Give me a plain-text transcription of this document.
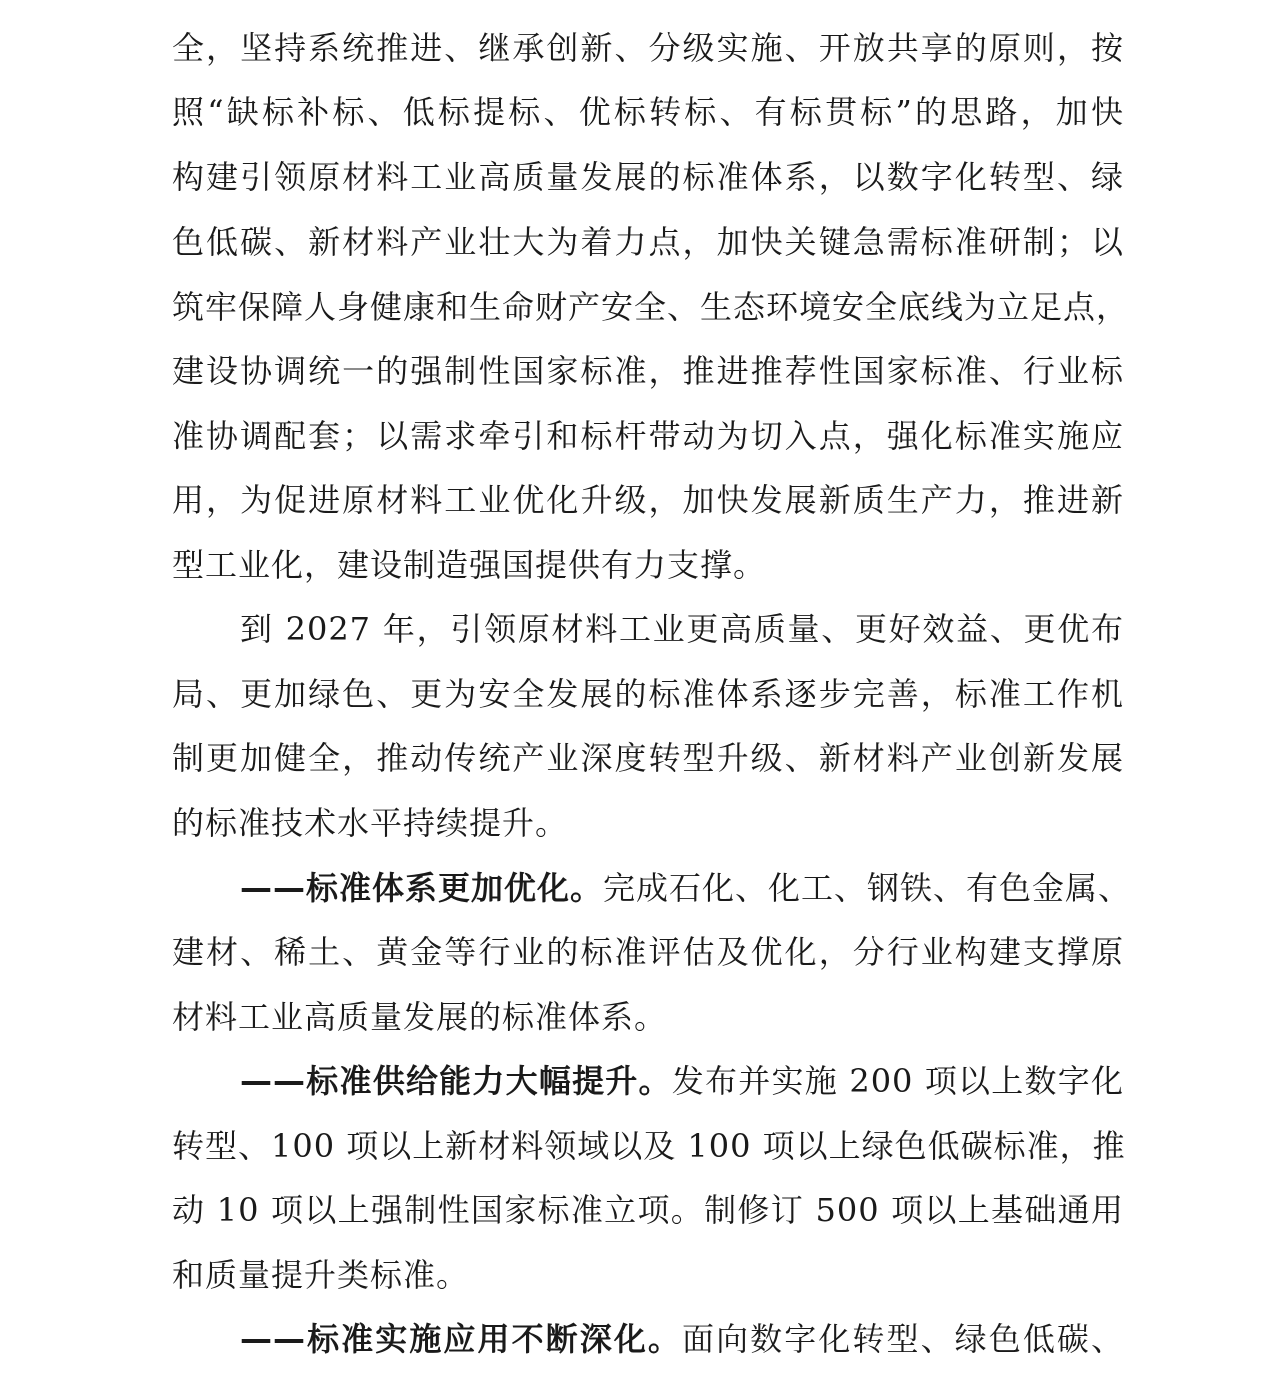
全，坚持系统推进、继承创新、分级实施、开放共享的原则，按
照“缺标补标、低标提标、优标转标、有标贯标”的思路，加快
构建引领原材料工业高质量发展的标准体系，以数字化转型、绿
色低碳、新材料产业壮大为着力点，加快关键急需标准研制；以
筑牢保障人身健康和生命财产安全、生态环境安全底线为立足点，
建设协调统一的强制性国家标准，推进推荐性国家标准、行业标
准协调配套；以需求牵引和标杆带动为切入点，强化标准实施应
用，为促进原材料工业优化升级，加快发展新质生产力，推进新
型工业化，建设制造强国提供有力支撑。
到 2027 年，引领原材料工业更高质量、更好效益、更优布
局、更加绿色、更为安全发展的标准体系逐步完善，标准工作机
制更加健全，推动传统产业深度转型升级、新材料产业创新发展
的标准技术水平持续提升。
——标准体系更加优化。完成石化、化工、钢铁、有色金属、
建材、稀土、黄金等行业的标准评估及优化，分行业构建支撑原
材料工业高质量发展的标准体系。
——标准供给能力大幅提升。发布并实施 200 项以上数字化
转型、100 项以上新材料领域以及 100 项以上绿色低碳标准，推
动 10 项以上强制性国家标准立项。制修订 500 项以上基础通用
和质量提升类标准。
——标准实施应用不断深化。面向数字化转型、绿色低碳、
